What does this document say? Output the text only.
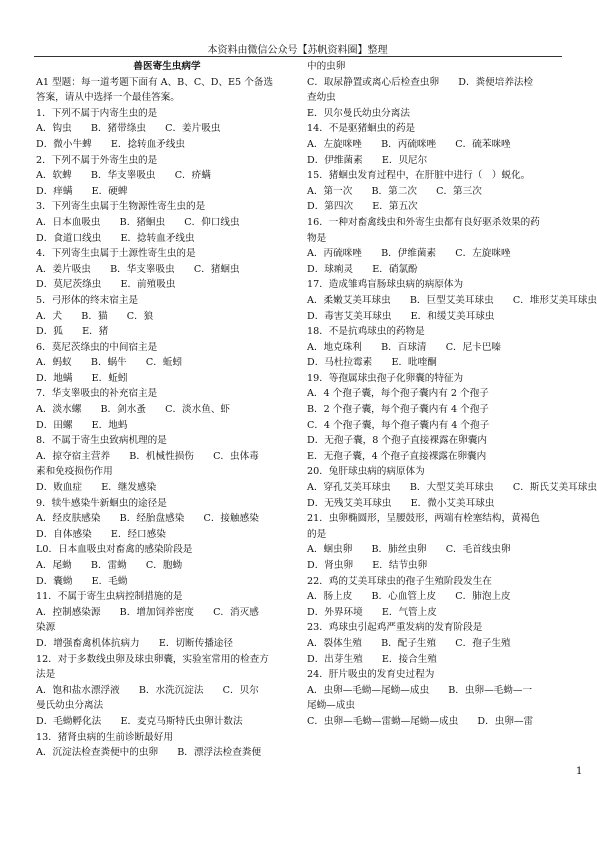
本资料由微信公众号【苏帆资料圈】整理
兽医寄生虫病学
A1 型题：每一道考题下面有 A、B、C、D、E5 个备选
答案，请从中选择一个最佳答案。
1．下列不属于内寄生虫的是
A．钩虫　　B．猪带绦虫　　C．姜片吸虫
D．微小牛蜱　　E．捻转血矛线虫
2．下列不属于外寄生虫的是
A．软蜱　　B．华支睾吸虫　　C．疥螨
D．痒螨　　E．硬蜱
3．下列寄生虫属于生物源性寄生虫的是
A．日本血吸虫　　B．猪蛔虫　　C．仰口线虫
D．食道口线虫　　E．捻转血矛线虫
4．下列寄生虫属于土源性寄生虫的是
A．姜片吸虫　　B．华支睾吸虫　　C．猪蛔虫
D．莫尼茨绦虫　　E．前殖吸虫
5．弓形体的终末宿主是
A．犬　　B．猫　　C．狼
D．狐　　E．猪
6．莫尼茨绦虫的中间宿主是
A．蚂蚁　　B．蜗牛　　C．蚯蚓
D．地螨　　E．蚯蚓
7．华支睾吸虫的补充宿主是
A．淡水螺　　B．剑水蚤　　C．淡水鱼、虾
D．田螺　　E．地蚂
8．不属于寄生虫致病机理的是
A．掠夺宿主营养　　B．机械性损伤　　C．虫体毒
素和免疫损伤作用
D．败血症　　E．继发感染
9．犊牛感染牛新蛔虫的途径是
A．经皮肤感染　　B．经胎盘感染　　C．接触感染
D．自体感染　　E．经口感染
L0．日本血吸虫对畜禽的感染阶段是
A．尾蚴　　B．雷蚴　　C．胞蚴
D．囊蚴　　E．毛蚴
11．不属于寄生虫病控制措施的是
A．控制感染源　　B．增加饲养密度　　C．消灭感
染源
D．增强畜禽机体抗病力　　E．切断传播途径
12．对于多数线虫卵及球虫卵囊，实验室常用的检查方
法是
A．饱和盐水漂浮液　　B．水洗沉淀法　　C．贝尔
曼氏幼虫分离法
D．毛蚴孵化法　　E．麦克马斯特氏虫卵计数法
13．猪肾虫病的生前诊断最好用
A．沉淀法检查粪便中的虫卵　　B．漂浮法检查粪便
中的虫卵
C．取尿静置或离心后检查虫卵　　D．粪便培养法检
查幼虫
E．贝尔曼氏幼虫分离法
14．不是驱猪蛔虫的药是
A．左旋咪唑　　B．丙硫咪唑　　C．硫苯咪唑
D．伊维菌素　　E．贝尼尔
15．猪蛔虫发育过程中，在肝脏中进行（　）蜕化。
A．第一次　　B．第二次　　C．第三次
D．第四次　　E．第五次
16．一种对畜禽线虫和外寄生虫都有良好驱杀效果的药
物是
A．丙硫咪唑　　B．伊维菌素　　C．左旋咪唑
D．球痢灵　　E．硝氯酚
17．造成雏鸡盲肠球虫病的病原体为
A．柔嫩艾美耳球虫　　B．巨型艾美耳球虫　　C．堆形艾美耳球虫
D．毒害艾美耳球虫　　E．和缓艾美耳球虫
18．不是抗鸡球虫的药物是
A．地克珠利　　B．百球清　　C．尼卡巴嗪
D．马杜拉霉素　　E．吡喹酮
19．等孢属球虫孢子化卵囊的特征为
A．4 个孢子囊，每个孢子囊内有 2 个孢子
B．2 个孢子囊，每个孢子囊内有 4 个孢子
C．4 个孢子囊，每个孢子囊内有 4 个孢子
D．无孢子囊，8 个孢子直接裸露在卵囊内
E．无孢子囊，4 个孢子直接裸露在卵囊内
20．兔肝球虫病的病原体为
A．穿孔艾美耳球虫　　B．大型艾美耳球虫　　C．斯氏艾美耳球虫
D．无残艾美耳球虫　　E．微小艾美耳球虫
21．虫卵椭圆形，呈腰鼓形，两端有栓塞结构，黄褐色
的是
A．蛔虫卵　　B．肺丝虫卵　　C．毛首线虫卵
D．肾虫卵　　E．结节虫卵
22．鸡的艾美耳球虫的孢子生殖阶段发生在
A．肠上皮　　B．心血管上皮　　C．肺泡上皮
D．外界环境　　E．气管上皮
23．鸡球虫引起鸡严重发病的发育阶段是
A．裂体生殖　　B．配子生殖　　C．孢子生殖
D．出芽生殖　　E．接合生殖
24．肝片吸虫的发育史过程为
A．虫卵—毛蚴—尾蚴—成虫　　B．虫卵—毛蚴—一
尾蚴—成虫
C．虫卵—毛蚴—雷蚴—尾蚴—成虫　　D．虫卵—雷
1
